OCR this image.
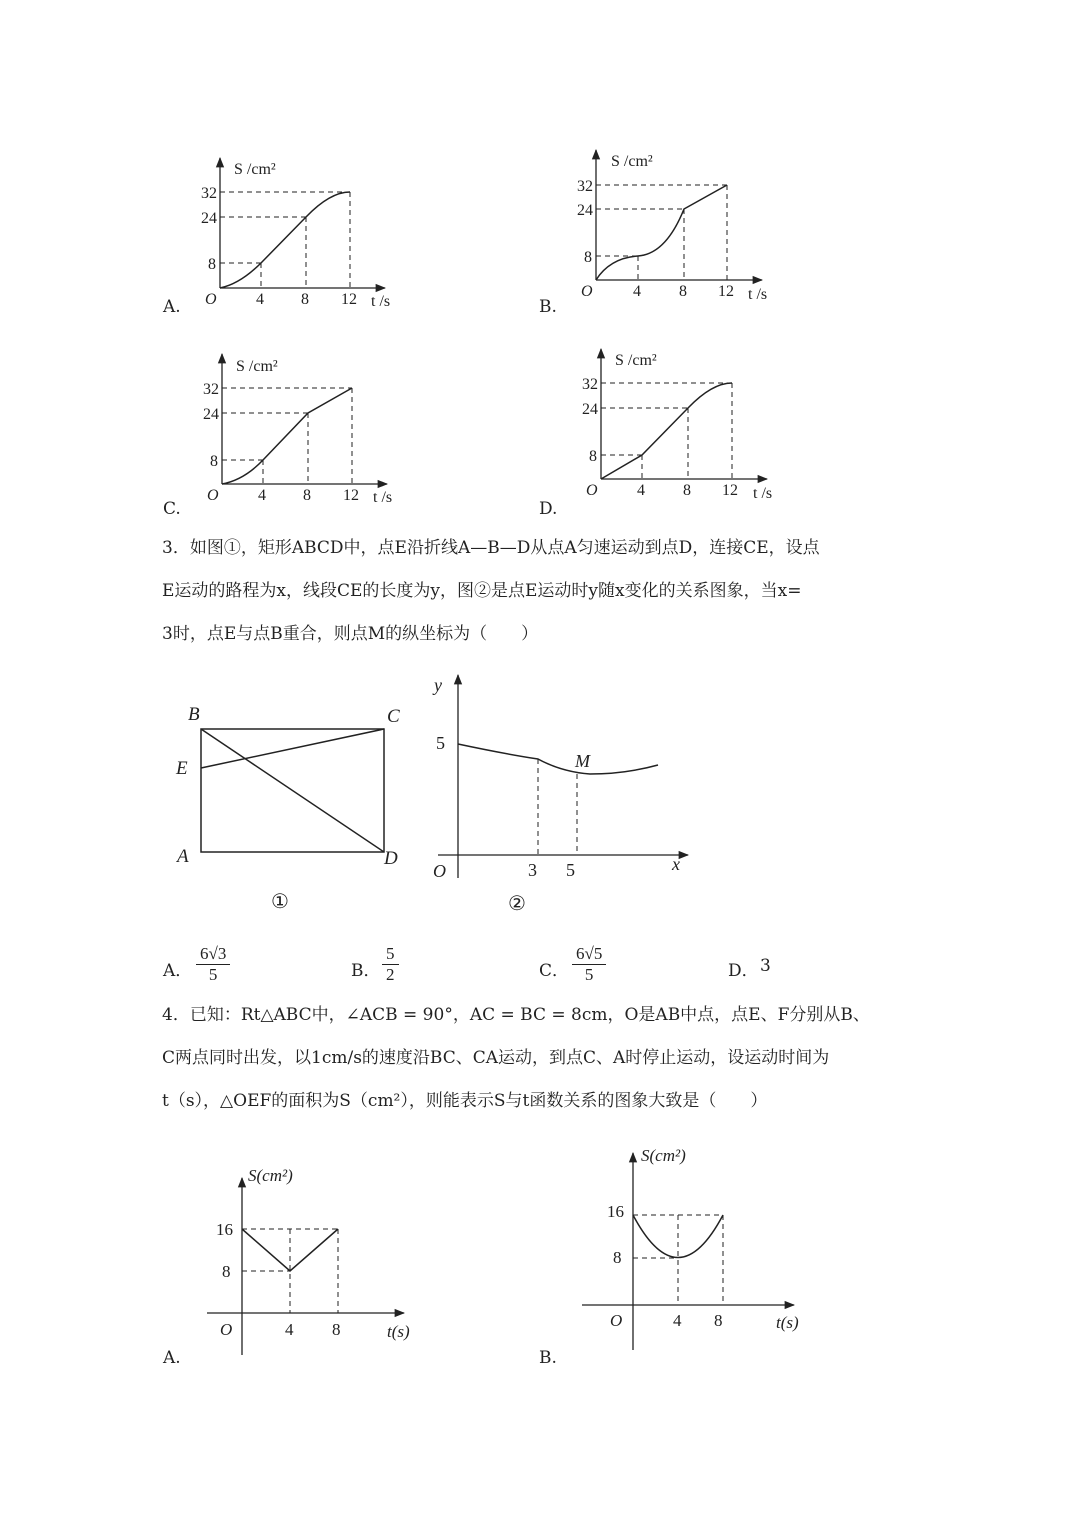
S /cm²
32
24
8
O 4 8 12 t /s
S /cm²
32
24
8
O	4 8 12 t /s
S /cm²
32
24
8
O 4 8 12 t /s
S /cm²
32
24
8
O 4 8 12 t /s
B	C
E
A	D
y
5
M
O	3 5	x
S(cm²)
16
8
O	4 8	t(s)
S(cm²)
16
8
O	4 8	t(s)
A.	B.
C.	D.
3．如图①，矩形ABCD中，点E沿折线A—B—D从点A匀速运动到点D，连接CE，设点
E运动的路程为x，线段CE的长度为y，图②是点E运动时y随x变化的关系图象，当x=
3时，点E与点B重合，则点M的纵坐标为（　　）
①	②
A． $\frac{6√3}{5}$	B． $\frac{5}{2}$	C． $\frac{6√5}{5}$	D． 3
4．已知：Rt△ABC中，∠ACB = 90°，AC = BC = 8cm，O是AB中点，点E、F分别从B、
C两点同时出发，以1cm/s的速度沿BC、CA运动，到点C、A时停止运动，设运动时间为
t（s），△OEF的面积为S（cm²），则能表示S与t函数关系的图象大致是（　　）
A.	B.
